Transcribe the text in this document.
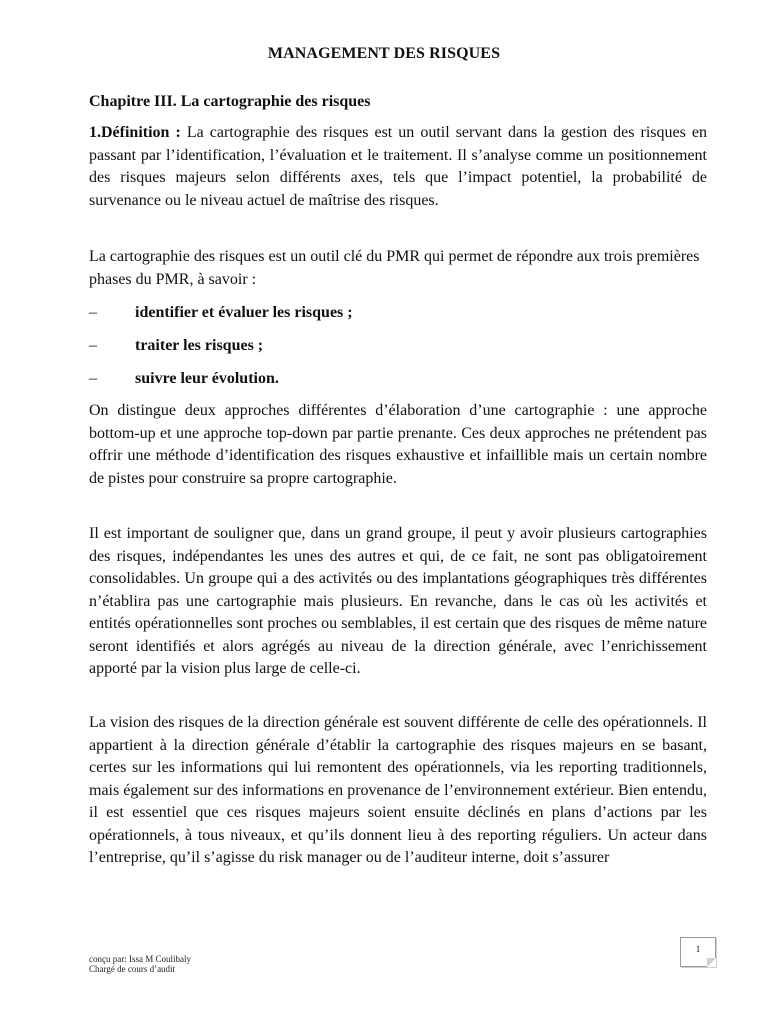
MANAGEMENT DES RISQUES
Chapitre III. La cartographie des risques
1.Définition : La cartographie des risques est un outil servant dans la gestion des risques en passant par l’identification, l’évaluation et le traitement. Il s’analyse comme un positionnement des risques majeurs selon différents axes, tels que l’impact potentiel, la probabilité de survenance ou le niveau actuel de maîtrise des risques.
La cartographie des risques est un outil clé du PMR qui permet de répondre aux trois premières phases du PMR, à savoir :
– identifier et évaluer les risques ;
– traiter les risques ;
– suivre leur évolution.
On distingue deux approches différentes d’élaboration d’une cartographie : une approche bottom-up et une approche top-down par partie prenante. Ces deux approches ne prétendent pas offrir une méthode d’identification des risques exhaustive et infaillible mais un certain nombre de pistes pour construire sa propre cartographie.
Il est important de souligner que, dans un grand groupe, il peut y avoir plusieurs cartographies des risques, indépendantes les unes des autres et qui, de ce fait, ne sont pas obligatoirement consolidables. Un groupe qui a des activités ou des implantations géographiques très différentes n’établira pas une cartographie mais plusieurs. En revanche, dans le cas où les activités et entités opérationnelles sont proches ou semblables, il est certain que des risques de même nature seront identifiés et alors agrégés au niveau de la direction générale, avec l’enrichissement apporté par la vision plus large de celle-ci.
La vision des risques de la direction générale est souvent différente de celle des opérationnels. Il appartient à la direction générale d’établir la cartographie des risques majeurs en se basant, certes sur les informations qui lui remontent des opérationnels, via les reporting traditionnels, mais également sur des informations en provenance de l’environnement extérieur. Bien entendu, il est essentiel que ces risques majeurs soient ensuite déclinés en plans d’actions par les opérationnels, à tous niveaux, et qu’ils donnent lieu à des reporting réguliers. Un acteur dans l’entreprise, qu’il s’agisse du risk manager ou de l’auditeur interne, doit s’assurer
1
conçu par: Issa M Coulibaly
Chargé de cours d’audit
